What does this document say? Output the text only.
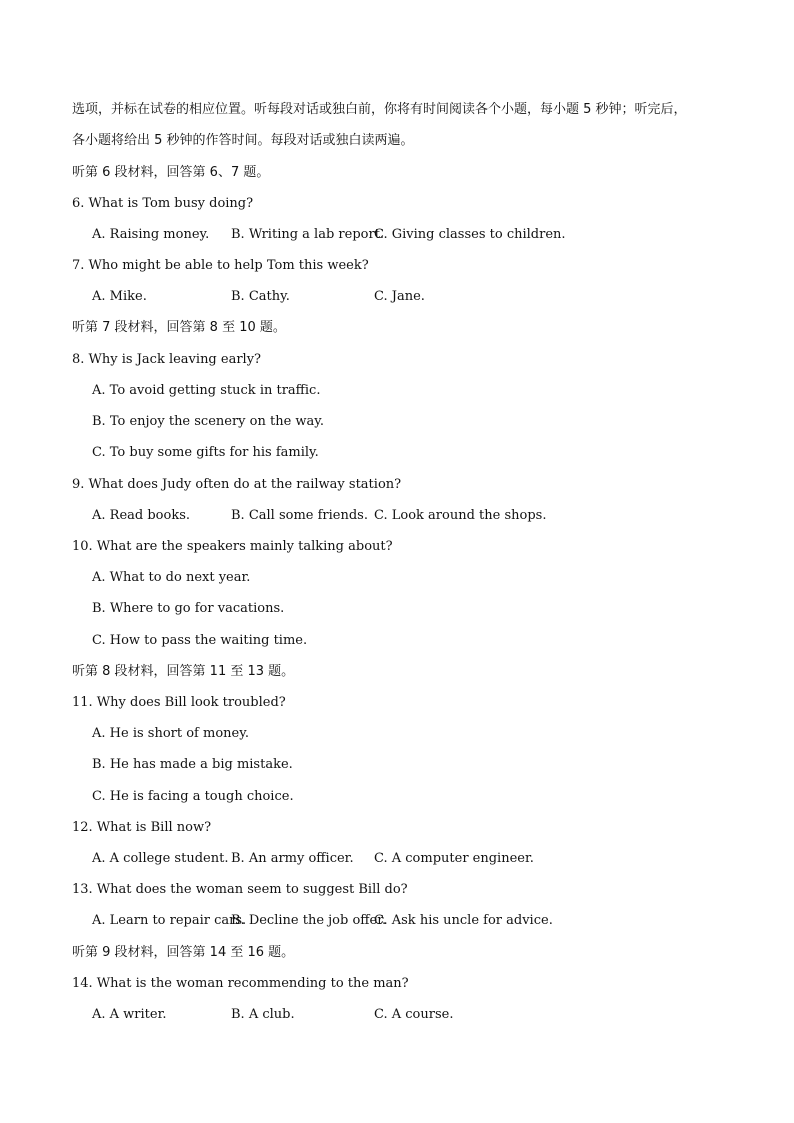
选项，并标在试卷的相应位置。听每段对话或独白前，你将有时间阅读各个小题，每小题 5 秒钟；听完后，
各小题将给出 5 秒钟的作答时间。每段对话或独白读两遍。
听第 6 段材料，回答第 6、7 题。
6. What is Tom busy doing?
A. Raising money. B. Writing a lab report.
C. Giving classes to children.
7. Who might be able to help Tom this week?
A. Mike.	B. Cathy.	C. Jane.
听第 7 段材料，回答第 8 至 10 题。
8. Why is Jack leaving early?
A. To avoid getting stuck in traffic.
B. To enjoy the scenery on the way.
C. To buy some gifts for his family.
9. What does Judy often do at the railway station?
A. Read books.	B. Call some friends. C. Look around the shops.
10. What are the speakers mainly talking about?
A. What to do next year.
B. Where to go for vacations.
C. How to pass the waiting time.
听第 8 段材料，回答第 11 至 13 题。
11. Why does Bill look troubled?
A. He is short of money.
B. He has made a big mistake.
C. He is facing a tough choice.
12. What is Bill now?
A. A college student. B. An army officer. C. A computer engineer.
13. What does the woman seem to suggest Bill do?
A. Learn to repair cars.
B. Decline the job offer.
C. Ask his uncle for advice.
听第 9 段材料，回答第 14 至 16 题。
14. What is the woman recommending to the man?
A. A writer.	B. A club.	C. A course.
